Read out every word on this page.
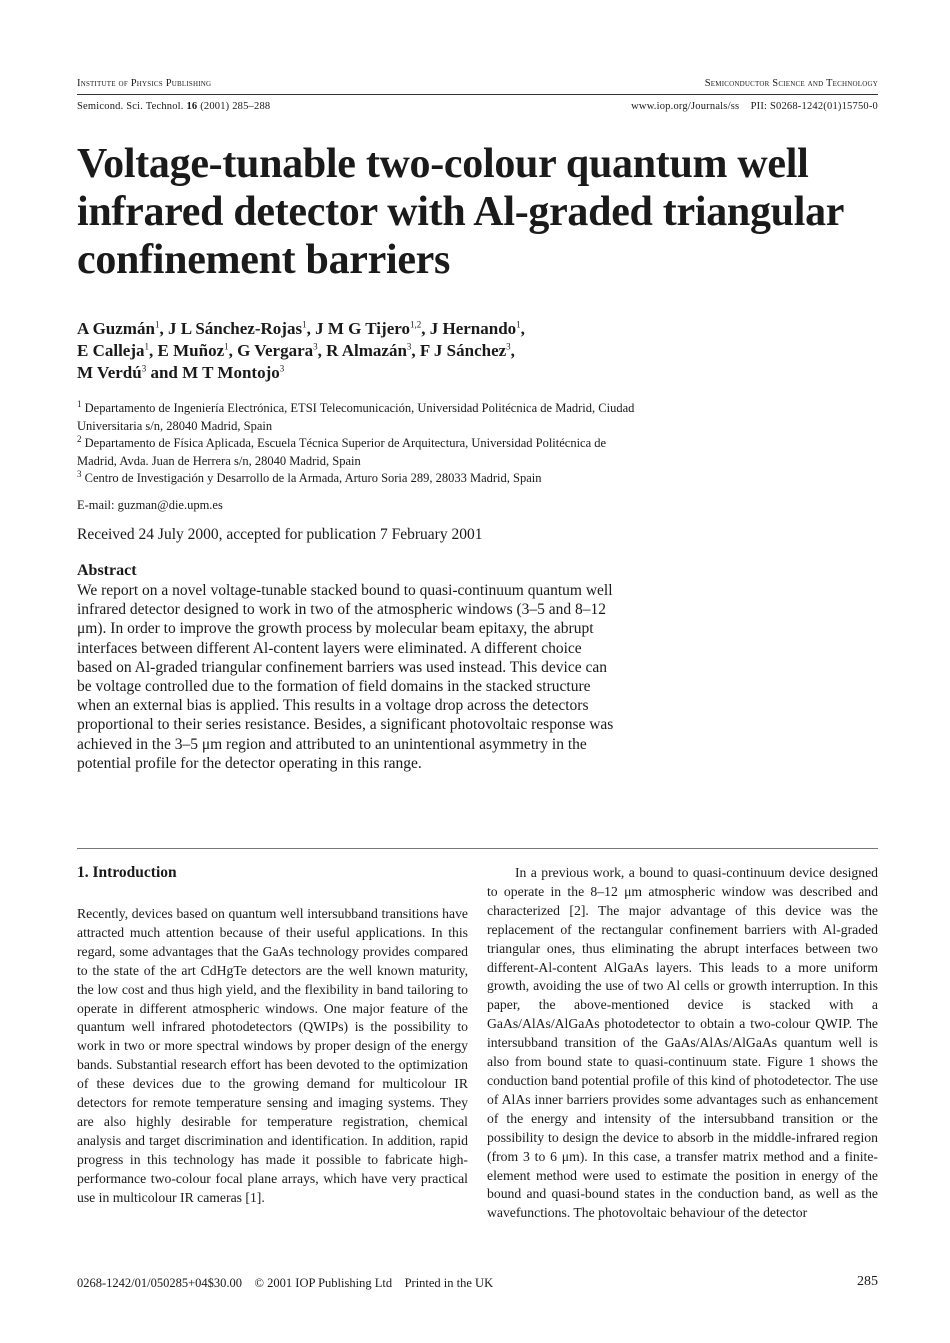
Institute of Physics Publishing	Semiconductor Science and Technology
Semicond. Sci. Technol. 16 (2001) 285–288	www.iop.org/Journals/ss PII: S0268-1242(01)15750-0
Voltage-tunable two-colour quantum well infrared detector with Al-graded triangular confinement barriers
A Guzmán$^1$, J L Sánchez-Rojas$^1$, J M G Tijero$^{1,2}$, J Hernando$^1$,
E Calleja$^1$, E Muñoz$^1$, G Vergara$^3$, R Almazán$^3$, F J Sánchez$^3$,
M Verdú$^3$ and M T Montojo$^3$
$^1$ Departamento de Ingeniería Electrónica, ETSI Telecomunicación, Universidad Politécnica de Madrid, Ciudad Universitaria s/n, 28040 Madrid, Spain
$^2$ Departamento de Física Aplicada, Escuela Técnica Superior de Arquitectura, Universidad Politécnica de Madrid, Avda. Juan de Herrera s/n, 28040 Madrid, Spain
$^3$ Centro de Investigación y Desarrollo de la Armada, Arturo Soria 289, 28033 Madrid, Spain
E-mail: guzman@die.upm.es
Received 24 July 2000, accepted for publication 7 February 2001
Abstract
We report on a novel voltage-tunable stacked bound to quasi-continuum quantum well infrared detector designed to work in two of the atmospheric windows (3–5 and 8–12 μm). In order to improve the growth process by molecular beam epitaxy, the abrupt interfaces between different Al-content layers were eliminated. A different choice based on Al-graded triangular confinement barriers was used instead. This device can be voltage controlled due to the formation of field domains in the stacked structure when an external bias is applied. This results in a voltage drop across the detectors proportional to their series resistance. Besides, a significant photovoltaic response was achieved in the 3–5 μm region and attributed to an unintentional asymmetry in the potential profile for the detector operating in this range.
1. Introduction
Recently, devices based on quantum well intersubband transitions have attracted much attention because of their useful applications. In this regard, some advantages that the GaAs technology provides compared to the state of the art CdHgTe detectors are the well known maturity, the low cost and thus high yield, and the flexibility in band tailoring to operate in different atmospheric windows. One major feature of the quantum well infrared photodetectors (QWIPs) is the possibility to work in two or more spectral windows by proper design of the energy bands. Substantial research effort has been devoted to the optimization of these devices due to the growing demand for multicolour IR detectors for remote temperature sensing and imaging systems. They are also highly desirable for temperature registration, chemical analysis and target discrimination and identification. In addition, rapid progress in this technology has made it possible to fabricate high-performance two-colour focal plane arrays, which have very practical use in multicolour IR cameras [1].
In a previous work, a bound to quasi-continuum device designed to operate in the 8–12 μm atmospheric window was described and characterized [2]. The major advantage of this device was the replacement of the rectangular confinement barriers with Al-graded triangular ones, thus eliminating the abrupt interfaces between two different-Al-content AlGaAs layers. This leads to a more uniform growth, avoiding the use of two Al cells or growth interruption. In this paper, the above-mentioned device is stacked with a GaAs/AlAs/AlGaAs photodetector to obtain a two-colour QWIP. The intersubband transition of the GaAs/AlAs/AlGaAs quantum well is also from bound state to quasi-continuum state. Figure 1 shows the conduction band potential profile of this kind of photodetector. The use of AlAs inner barriers provides some advantages such as enhancement of the energy and intensity of the intersubband transition or the possibility to design the device to absorb in the middle-infrared region (from 3 to 6 μm). In this case, a transfer matrix method and a finite-element method were used to estimate the position in energy of the bound and quasi-bound states in the conduction band, as well as the wavefunctions. The photovoltaic behaviour of the detector
0268-1242/01/050285+04$30.00 © 2001 IOP Publishing Ltd Printed in the UK	285
